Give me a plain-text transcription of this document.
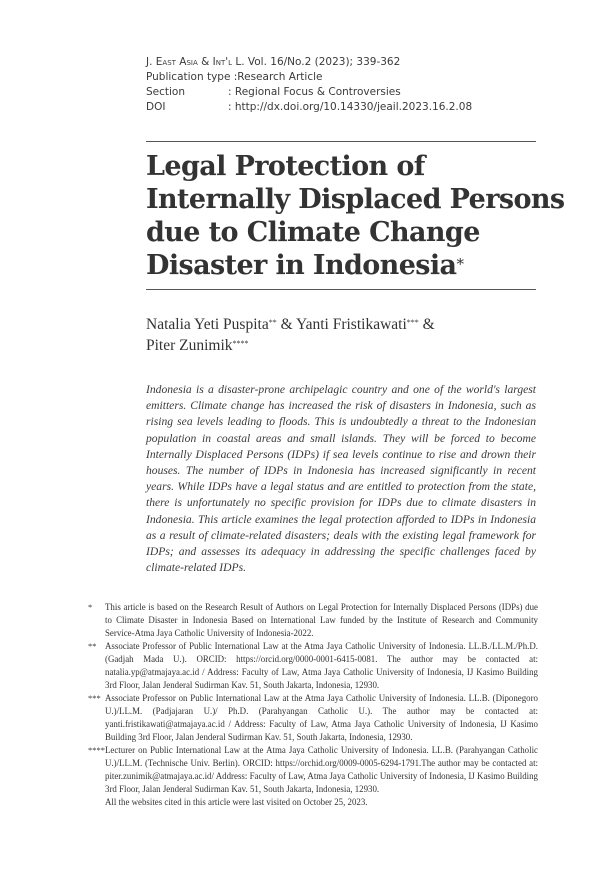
J. East Asia & Int'l L. Vol. 16/No.2 (2023); 339-362
Publication type :Research Article
Section	: Regional Focus & Controversies
DOI	: http://dx.doi.org/10.14330/jeail.2023.16.2.08
Legal Protection of
Internally Displaced Persons
due to Climate Change
Disaster in Indonesia*
Natalia Yeti Puspita** & Yanti Fristikawati*** &
Piter Zunimik****
Indonesia is a disaster-prone archipelagic country and one of the world's largest emitters. Climate change has increased the risk of disasters in Indonesia, such as rising sea levels leading to floods. This is undoubtedly a threat to the Indonesian population in coastal areas and small islands. They will be forced to become Internally Displaced Persons (IDPs) if sea levels continue to rise and drown their houses. The number of IDPs in Indonesia has increased significantly in recent years. While IDPs have a legal status and are entitled to protection from the state, there is unfortunately no specific provision for IDPs due to climate disasters in Indonesia. This article examines the legal protection afforded to IDPs in Indonesia as a result of climate-related disasters; deals with the existing legal framework for IDPs; and assesses its adequacy in addressing the specific challenges faced by climate-related IDPs.
*	This article is based on the Research Result of Authors on Legal Protection for Internally Displaced Persons (IDPs) due to Climate Disaster in Indonesia Based on International Law funded by the Institute of Research and Community Service-Atma Jaya Catholic University of Indonesia-2022.
** Associate Professor of Public International Law at the Atma Jaya Catholic University of Indonesia. LL.B./LL.M./Ph.D. (Gadjah Mada U.). ORCID: https://orcid.org/0000-0001-6415-0081. The author may be contacted at: natalia.yp@atmajaya.ac.id / Address: Faculty of Law, Atma Jaya Catholic University of Indonesia, IJ Kasimo Building 3rd Floor, Jalan Jenderal Sudirman Kav. 51, South Jakarta, Indonesia, 12930.
*** Associate Professor on Public International Law at the Atma Jaya Catholic University of Indonesia. LL.B. (Diponegoro U.)/LL.M. (Padjajaran U.)/ Ph.D. (Parahyangan Catholic U.). The author may be contacted at: yanti.fristikawati@atmajaya.ac.id / Address: Faculty of Law, Atma Jaya Catholic University of Indonesia, IJ Kasimo Building 3rd Floor, Jalan Jenderal Sudirman Kav. 51, South Jakarta, Indonesia, 12930.
**** Lecturer on Public International Law at the Atma Jaya Catholic University of Indonesia. LL.B. (Parahyangan Catholic U.)/LL.M. (Technische Univ. Berlin). ORCID: https://orchid.org/0009-0005-6294-1791.The author may be contacted at: piter.zunimik@atmajaya.ac.id/ Address: Faculty of Law, Atma Jaya Catholic University of Indonesia, IJ Kasimo Building 3rd Floor, Jalan Jenderal Sudirman Kav. 51, South Jakarta, Indonesia, 12930.
All the websites cited in this article were last visited on October 25, 2023.
